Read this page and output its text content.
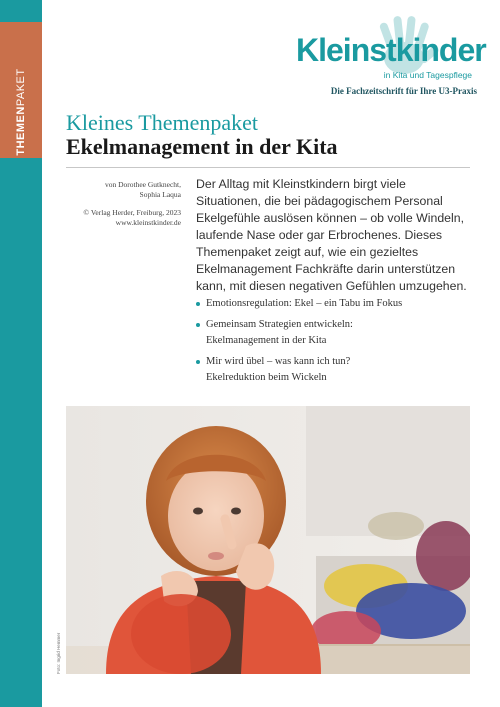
THEMENPAKET
Kleinstkinder
in Kita und Tagespflege
Die Fachzeitschrift für Ihre U3-Praxis
Kleines Themenpaket
Ekelmanagement in der Kita

von Dorothee Gutknecht,

Sophia Laqua

© Verlag Herder, Freiburg, 2023

www.kleinstkinder.de

Der Alltag mit Kleinstkindern birgt viele Situationen, die bei pädagogischem Personal Ekelgefühle auslösen können – ob volle Windeln, laufende Nase oder gar Erbrochenes. Dieses Themenpaket zeigt auf, wie ein gezieltes Ekelmanagement Fachkräfte darin unterstützen kann, mit diesen negativen Gefühlen umzugehen.
Emotionsregulation: Ekel – ein Tabu im Fokus
Gemeinsam Strategien entwickeln:
Ekelmanagement in der Kita
Mir wird übel – was kann ich tun?
Ekelreduktion beim Wickeln
Foto: Ingrid Hemmer
